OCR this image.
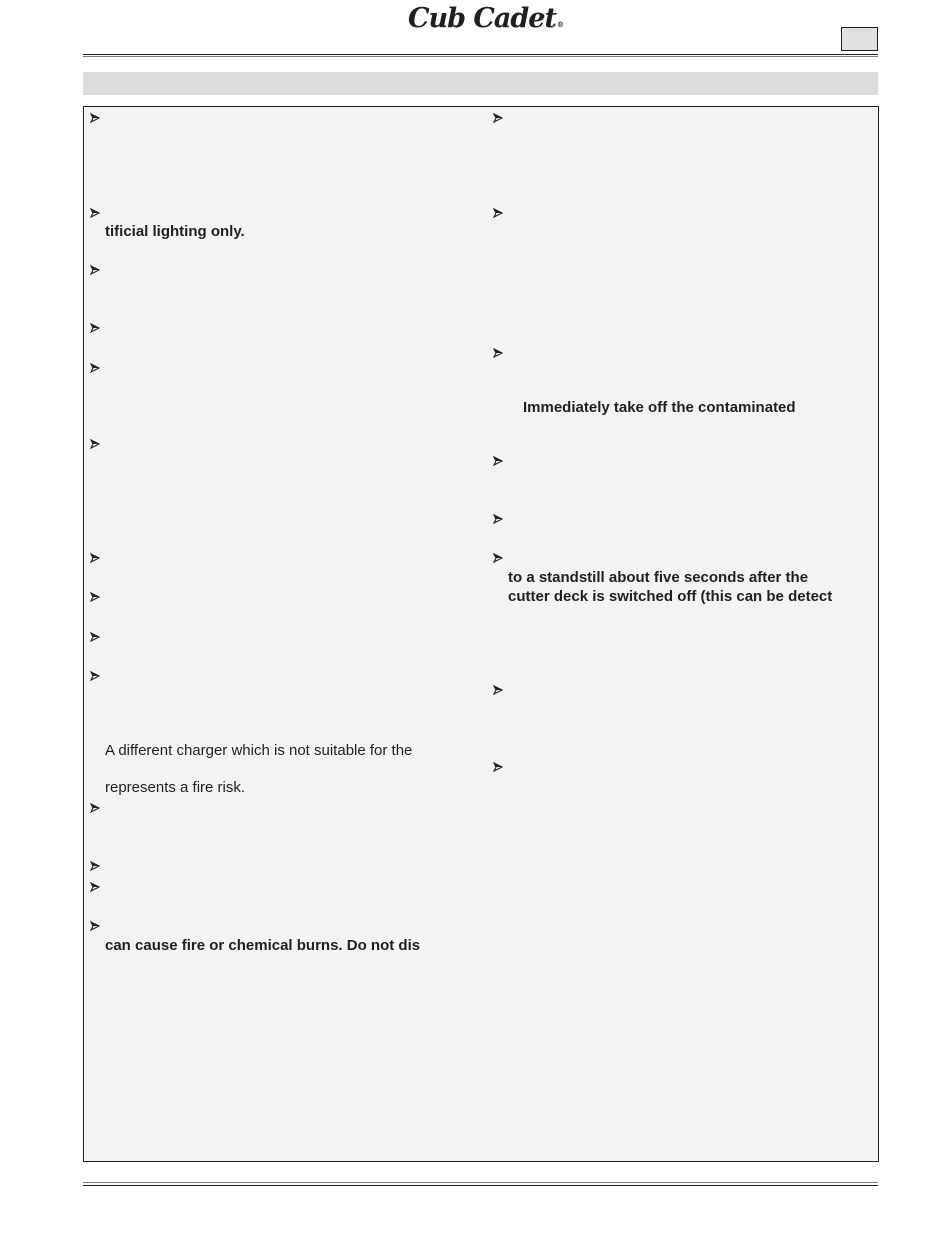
Cub Cadet®
tificial lighting only.
A different charger which is not suitable for the
represents a fire risk.
can cause fire or chemical burns. Do not dis
Immediately take off the contaminated
to a standstill about five seconds after the
cutter deck is switched off (this can be detect
